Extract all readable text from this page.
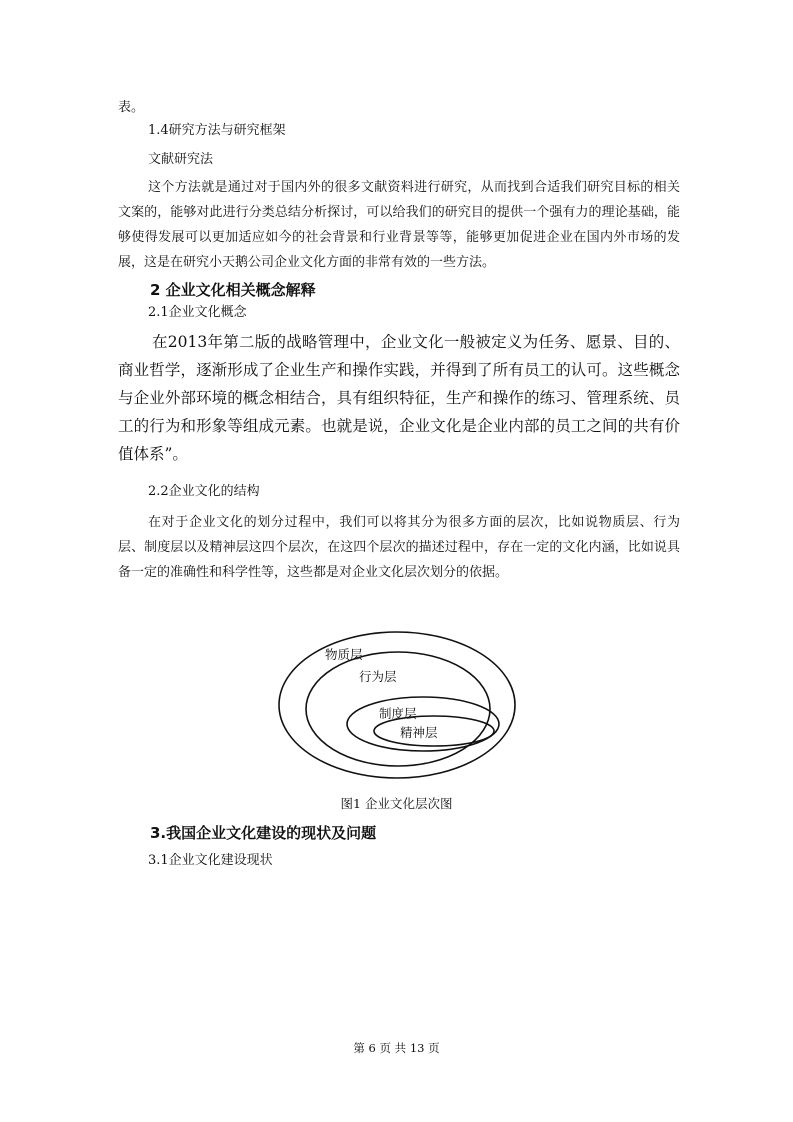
表。
1.4研究方法与研究框架
文献研究法

这个方法就是通过对于国内外的很多文献资料进行研究，从而找到合适我们研究目标的相关文案的，能够对此进行分类总结分析探讨，可以给我们的研究目的提供一个强有力的理论基础，能够使得发展可以更加适应如今的社会背景和行业背景等等，能够更加促进企业在国内外市场的发展，这是在研究小天鹅公司企业文化方面的非常有效的一些方法。

2 企业文化相关概念解释
2.1企业文化概念

在2013年第二版的战略管理中，企业文化一般被定义为任务、愿景、目的、商业哲学，逐渐形成了企业生产和操作实践，并得到了所有员工的认可。这些概念与企业外部环境的概念相结合，具有组织特征，生产和操作的练习、管理系统、员工的行为和形象等组成元素。也就是说，企业文化是企业内部的员工之间的共有价值体系”。

2.2企业文化的结构

在对于企业文化的划分过程中，我们可以将其分为很多方面的层次，比如说物质层、行为层、制度层以及精神层这四个层次，在这四个层次的描述过程中，存在一定的文化内涵，比如说具备一定的准确性和科学性等，这些都是对企业文化层次划分的依据。

物质层
行为层
制度层
精神层
图1 企业文化层次图
3.我国企业文化建设的现状及问题
3.1企业文化建设现状
第 6 页 共 13 页
